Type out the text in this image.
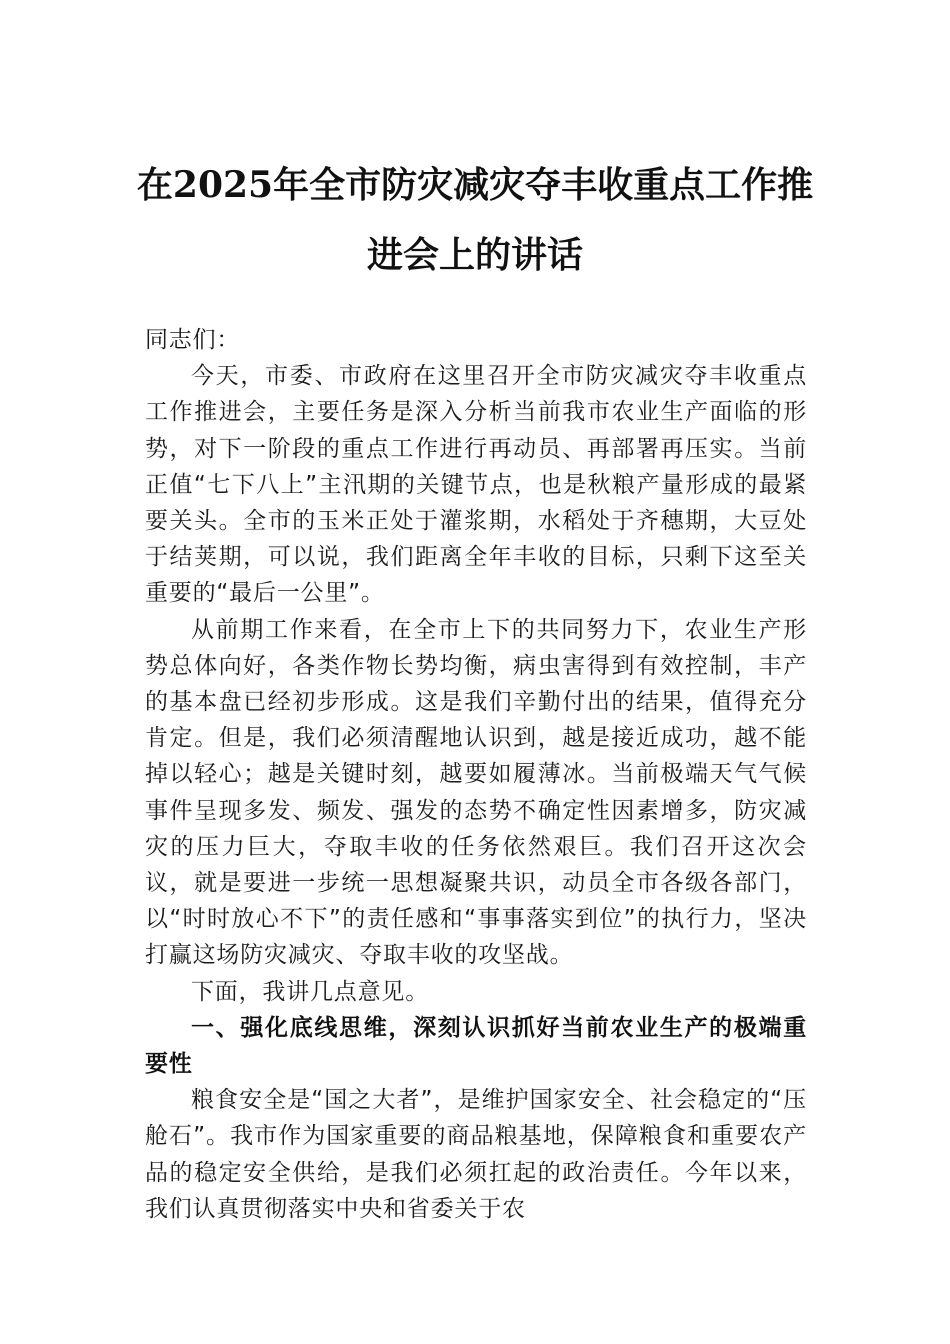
在2025年全市防灾减灾夺丰收重点工作推
进会上的讲话

同志们：

今天，市委、市政府在这里召开全市防灾减灾夺丰收重点工作推进会，主要任务是深入分析当前我市农业生产面临的形势，对下一阶段的重点工作进行再动员、再部署再压实。当前正值“七下八上”主汛期的关键节点，也是秋粮产量形成的最紧要关头。全市的玉米正处于灌浆期，水稻处于齐穗期，大豆处于结荚期，可以说，我们距离全年丰收的目标，只剩下这至关重要的“最后一公里”。

从前期工作来看，在全市上下的共同努力下，农业生产形势总体向好，各类作物长势均衡，病虫害得到有效控制，丰产的基本盘已经初步形成。这是我们辛勤付出的结果，值得充分肯定。但是，我们必须清醒地认识到，越是接近成功，越不能掉以轻心；越是关键时刻，越要如履薄冰。当前极端天气气候事件呈现多发、频发、强发的态势不确定性因素增多，防灾减灾的压力巨大，夺取丰收的任务依然艰巨。我们召开这次会议，就是要进一步统一思想凝聚共识，动员全市各级各部门，以“时时放心不下”的责任感和“事事落实到位”的执行力，坚决打赢这场防灾减灾、夺取丰收的攻坚战。

下面，我讲几点意见。

一、强化底线思维，深刻认识抓好当前农业生产的极端重要性

粮食安全是“国之大者”，是维护国家安全、社会稳定的“压舱石”。我市作为国家重要的商品粮基地，保障粮食和重要农产品的稳定安全供给，是我们必须扛起的政治责任。今年以来，我们认真贯彻落实中央和省委关于农
